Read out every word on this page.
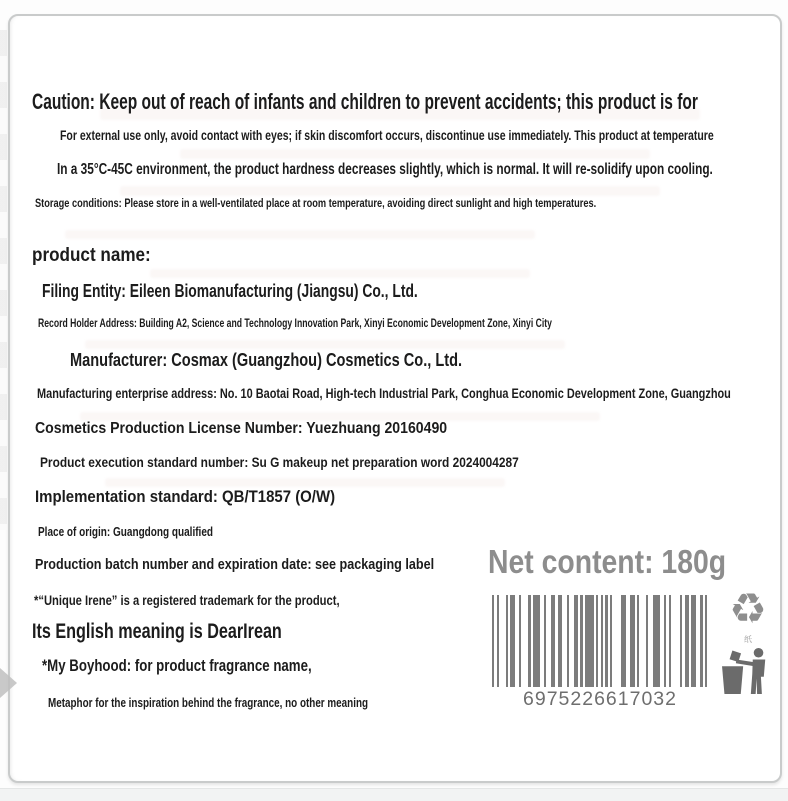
Caution: Keep out of reach of infants and children to prevent accidents; this product is for
For external use only, avoid contact with eyes; if skin discomfort occurs, discontinue use immediately. This product at temperature
In a 35°C-45C environment, the product hardness decreases slightly, which is normal. It will re-solidify upon cooling.
Storage conditions: Please store in a well-ventilated place at room temperature, avoiding direct sunlight and high temperatures.
product name:
Filing Entity: Eileen Biomanufacturing (Jiangsu) Co., Ltd.
Record Holder Address: Building A2, Science and Technology Innovation Park, Xinyi Economic Development Zone, Xinyi City
Manufacturer: Cosmax (Guangzhou) Cosmetics Co., Ltd.
Manufacturing enterprise address: No. 10 Baotai Road, High-tech Industrial Park, Conghua Economic Development Zone, Guangzhou
Cosmetics Production License Number: Yuezhuang 20160490
Product execution standard number: Su G makeup net preparation word 2024004287
Implementation standard: QB/T1857 (O/W)
Place of origin: Guangdong qualified
Production batch number and expiration date: see packaging label
*“Unique Irene” is a registered trademark for the product,
Its English meaning is DearIrean
*My Boyhood: for product fragrance name,
Metaphor for the inspiration behind the fragrance, no other meaning
Net content: 180g
6975226617032
♻
纸
